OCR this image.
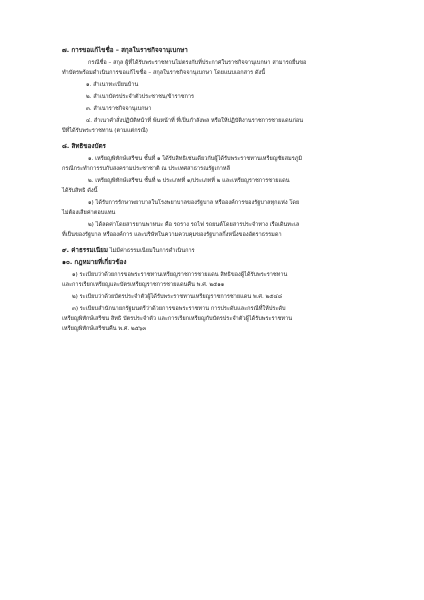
๗. การขอแก้ไขชื่อ – สกุลในราชกิจจานุเบกษา

กรณีชื่อ – สกุล ผู้ที่ได้รับพระราชทานไม่ตรงกับที่ประกาศในราชกิจจานุเบกษา สามารถยื่นขอ

ทำบัตรพร้อมดำเนินการขอแก้ไขชื่อ – สกุลในราชกิจจานุเบกษา โดยแนบเอกสาร ดังนี้

๑. สำเนาทะเบียนบ้าน

๒. สำเนาบัตรประจำตัวประชาชน/ข้าราชการ

๓. สำเนาราชกิจจานุเบกษา

๔. สำเนาคำสั่งปฏิบัติหน้าที่ พ้นหน้าที่ ที่เป็นกำลังพล หรือให้ปฏิบัติงานราชการชายแดนก่อน

ปีที่ได้รับพระราชทาน (ตามแต่กรณี)

๘. สิทธิของบัตร

๑. เหรียญพิทักษ์เสรีชน ชั้นที่ ๑ ได้รับสิทธิเช่นเดียวกับผู้ได้รับพระราชทานเหรียญชัยสมรภูมิ

กรณีกระทำการรบกับสงครามประชาชาติ ณ ประเทศสาธารณรัฐเกาหลี

๒. เหรียญพิทักษ์เสรีชน ชั้นที่ ๒ ประเภทที่ ๑/ประเภทที่ ๒ และเหรียญราชการชายแดน

ได้รับสิทธิ ดังนี้

๑) ได้รับการรักษาพยาบาลในโรงพยาบาลของรัฐบาล หรือองค์การของรัฐบาลทุกแห่ง โดย

ไม่ต้องเสียค่าตอบแทน

๒) ได้ลดค่าโดยสารยานพาหนะ คือ รถราง รถไฟ รถยนต์โดยสารประจำทาง เรือเดินทะเล

ที่เป็นของรัฐบาล หรือองค์การ และบริษัทในความควบคุมของรัฐบาลกึ่งหนึ่งของอัตราธรรมดา

๙. ค่าธรรมเนียม ไม่มีค่าธรรมเนียมในการดำเนินการ

๑๐. กฎหมายที่เกี่ยวข้อง

๑) ระเบียบว่าด้วยการขอพระราชทานเหรียญราชการชายแดน สิทธิของผู้ได้รับพระราชทาน

และการเรียกเหรียญและบัตรเหรียญราชการชายแดนคืน พ.ศ. ๒๕๑๑

๒) ระเบียบว่าด้วยบัตรประจำตัวผู้ได้รับพระราชทานเหรียญราชการชายแดน พ.ศ. ๒๕๔๘

๓) ระเบียบสำนักนายกรัฐมนตรีว่าด้วยการขอพระราชทาน การประดับและกรณีที่ให้ประดับ

เหรียญพิทักษ์เสรีชน สิทธิ บัตรประจำตัว และการเรียกเหรียญกับบัตรประจำตัวผู้ได้รับพระราชทาน

เหรียญพิทักษ์เสรีชนคืน พ.ศ. ๒๕๖๓
